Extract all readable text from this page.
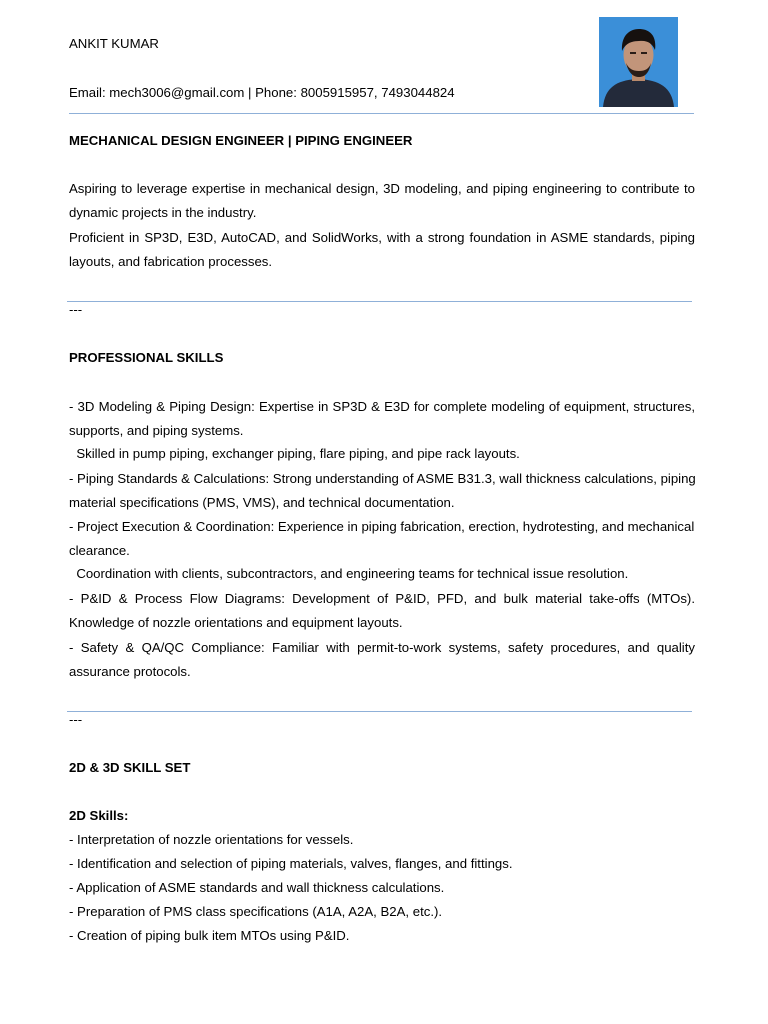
ANKIT KUMAR
Email: mech3006@gmail.com | Phone: 8005915957, 7493044824
MECHANICAL DESIGN ENGINEER | PIPING ENGINEER
Aspiring to leverage expertise in mechanical design, 3D modeling, and piping engineering to contribute to
dynamic projects in the industry.
Proficient in SP3D, E3D, AutoCAD, and SolidWorks, with a strong foundation in ASME standards, piping
layouts, and fabrication processes.
---
PROFESSIONAL SKILLS
- 3D Modeling & Piping Design: Expertise in SP3D & E3D for complete modeling of equipment, structures,
supports, and piping systems.
Skilled in pump piping, exchanger piping, flare piping, and pipe rack layouts.
- Piping Standards & Calculations: Strong understanding of ASME B31.3, wall thickness calculations, piping
material specifications (PMS, VMS), and technical documentation.
- Project Execution & Coordination: Experience in piping fabrication, erection, hydrotesting, and mechanical
clearance.
Coordination with clients, subcontractors, and engineering teams for technical issue resolution.
- P&ID & Process Flow Diagrams: Development of P&ID, PFD, and bulk material take-offs (MTOs).
Knowledge of nozzle orientations and equipment layouts.
- Safety & QA/QC Compliance: Familiar with permit-to-work systems, safety procedures, and quality
assurance protocols.
---
2D & 3D SKILL SET
2D Skills:
- Interpretation of nozzle orientations for vessels.
- Identification and selection of piping materials, valves, flanges, and fittings.
- Application of ASME standards and wall thickness calculations.
- Preparation of PMS class specifications (A1A, A2A, B2A, etc.).
- Creation of piping bulk item MTOs using P&ID.
